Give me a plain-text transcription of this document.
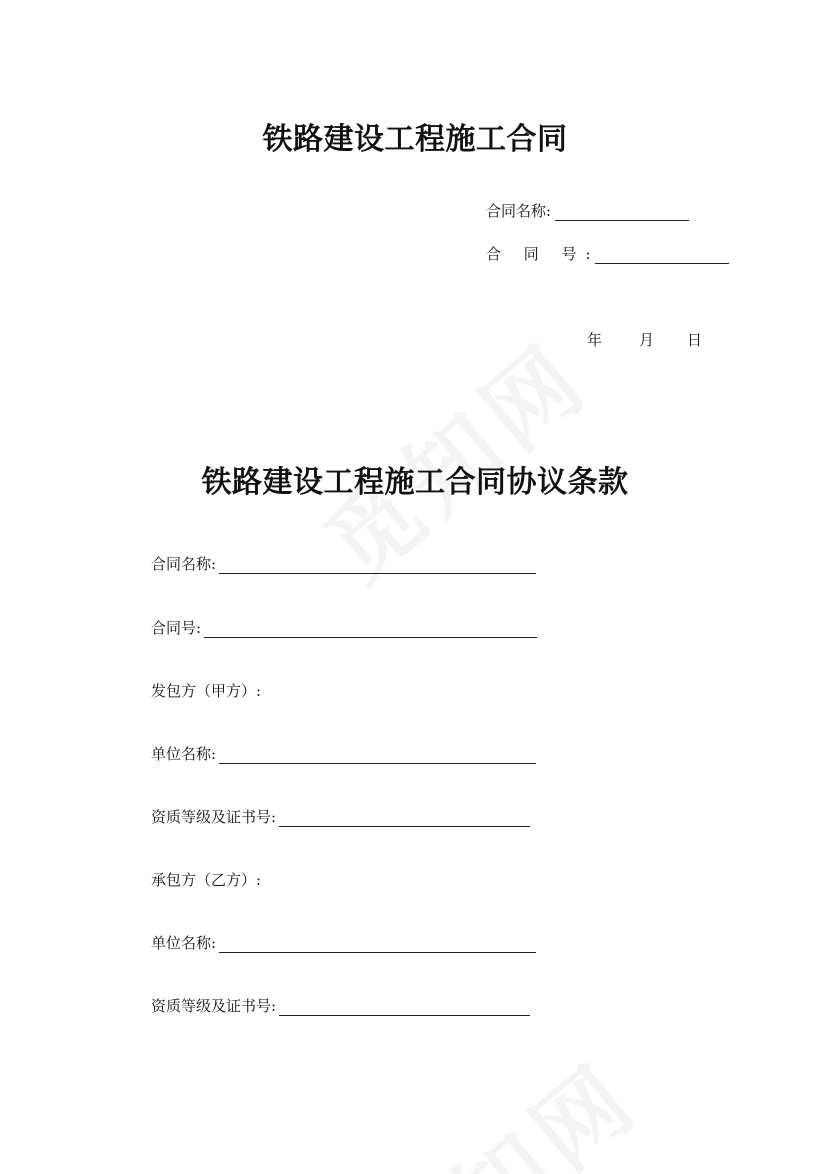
铁路建设工程施工合同
合同名称:
合 同 号:
年 月 日
铁路建设工程施工合同协议条款
合同名称:
合同号:
发包方（甲方）:
单位名称:
资质等级及证书号:
承包方（乙方）:
单位名称:
资质等级及证书号:
